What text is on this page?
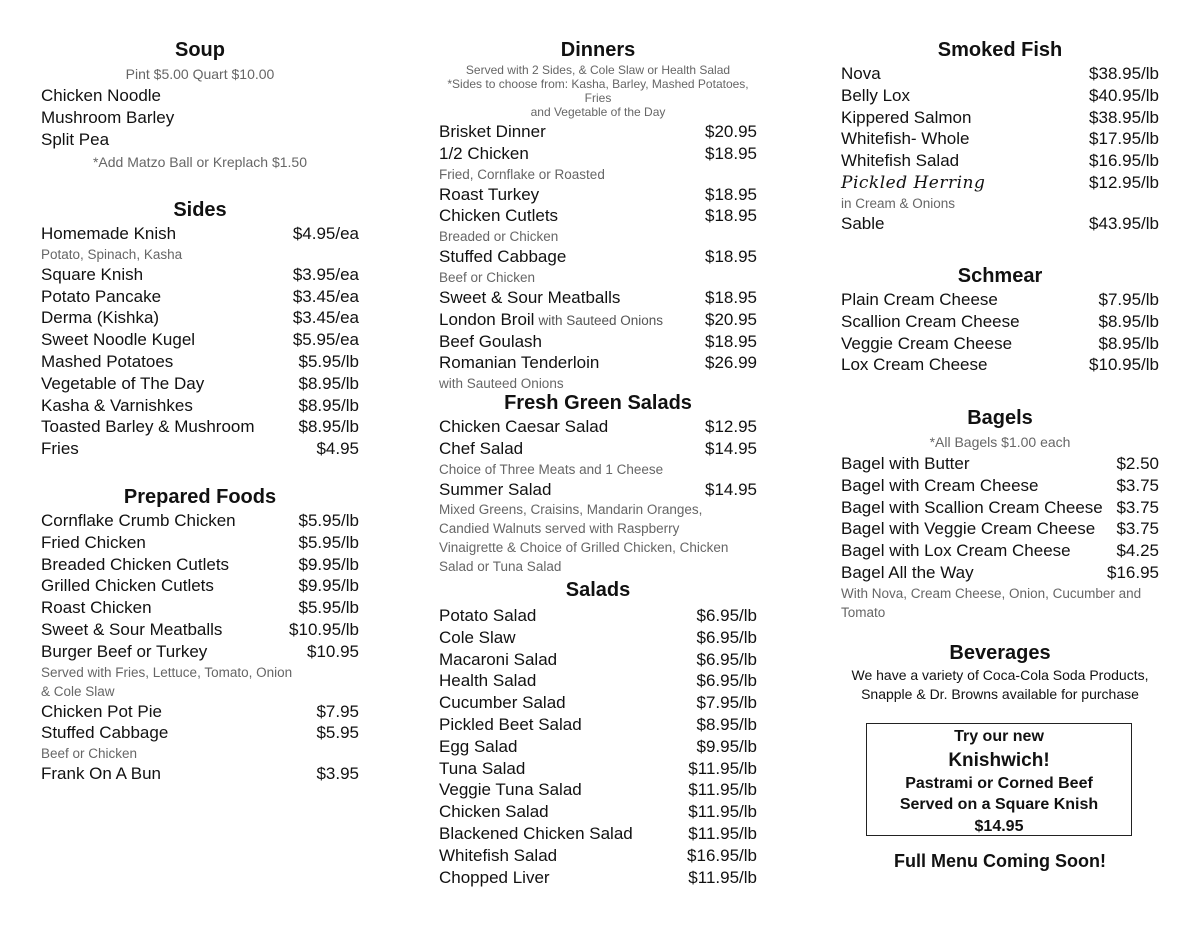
Soup
Pint $5.00 Quart $10.00
Chicken Noodle
Mushroom Barley
Split Pea
*Add Matzo Ball or Kreplach $1.50
Sides
Homemade Knish	$4.95/ea
Potato, Spinach, Kasha
Square Knish	$3.95/ea
Potato Pancake	$3.45/ea
Derma (Kishka)	$3.45/ea
Sweet Noodle Kugel	$5.95/ea
Mashed Potatoes	$5.95/lb
Vegetable of The Day	$8.95/lb
Kasha & Varnishkes	$8.95/lb
Toasted Barley & Mushroom	$8.95/lb
Fries	$4.95
Prepared Foods
Cornflake Crumb Chicken	$5.95/lb
Fried Chicken	$5.95/lb
Breaded Chicken Cutlets	$9.95/lb
Grilled Chicken Cutlets	$9.95/lb
Roast Chicken	$5.95/lb
Sweet & Sour Meatballs	$10.95/lb
Burger Beef or Turkey	$10.95
Served with Fries, Lettuce, Tomato, Onion
& Cole Slaw
Chicken Pot Pie	$7.95
Stuffed Cabbage	$5.95
Beef or Chicken
Frank On A Bun	$3.95
Dinners
Served with 2 Sides, & Cole Slaw or Health Salad
*Sides to choose from: Kasha, Barley, Mashed Potatoes, Fries
and Vegetable of the Day
Brisket Dinner	$20.95
1/2 Chicken	$18.95
Fried, Cornflake or Roasted
Roast Turkey	$18.95
Chicken Cutlets	$18.95
Breaded or Chicken
Stuffed Cabbage	$18.95
Beef or Chicken
Sweet & Sour Meatballs	$18.95
London Broil with Sauteed Onions $20.95
Beef Goulash	$18.95
Romanian Tenderloin	$26.99
with Sauteed Onions
Fresh Green Salads
Chicken Caesar Salad	$12.95
Chef Salad	$14.95
Choice of Three Meats and 1 Cheese
Summer Salad	$14.95
Mixed Greens, Craisins, Mandarin Oranges,
Candied Walnuts served with Raspberry
Vinaigrette & Choice of Grilled Chicken, Chicken
Salad or Tuna Salad
Salads
Potato Salad	$6.95/lb
Cole Slaw	$6.95/lb
Macaroni Salad	$6.95/lb
Health Salad	$6.95/lb
Cucumber Salad	$7.95/lb
Pickled Beet Salad	$8.95/lb
Egg Salad	$9.95/lb
Tuna Salad	$11.95/lb
Veggie Tuna Salad	$11.95/lb
Chicken Salad	$11.95/lb
Blackened Chicken Salad	$11.95/lb
Whitefish Salad	$16.95/lb
Chopped Liver	$11.95/lb
Smoked Fish
Nova	$38.95/lb
Belly Lox	$40.95/lb
Kippered Salmon	$38.95/lb
Whitefish- Whole	$17.95/lb
Whitefish Salad	$16.95/lb
Pickled Herring	$12.95/lb
in Cream & Onions
Sable	$43.95/lb
Schmear
Plain Cream Cheese	$7.95/lb
Scallion Cream Cheese	$8.95/lb
Veggie Cream Cheese	$8.95/lb
Lox Cream Cheese	$10.95/lb
Bagels
*All Bagels $1.00 each
Bagel with Butter	$2.50
Bagel with Cream Cheese	$3.75
Bagel with Scallion Cream Cheese $3.75
Bagel with Veggie Cream Cheese $3.75
Bagel with Lox Cream Cheese	$4.25
Bagel All the Way	$16.95
With Nova, Cream Cheese, Onion, Cucumber and
Tomato
Beverages
We have a variety of Coca-Cola Soda Products,
Snapple & Dr. Browns available for purchase
Try our new
Knishwich!
Pastrami or Corned Beef
Served on a Square Knish
$14.95
Full Menu Coming Soon!
